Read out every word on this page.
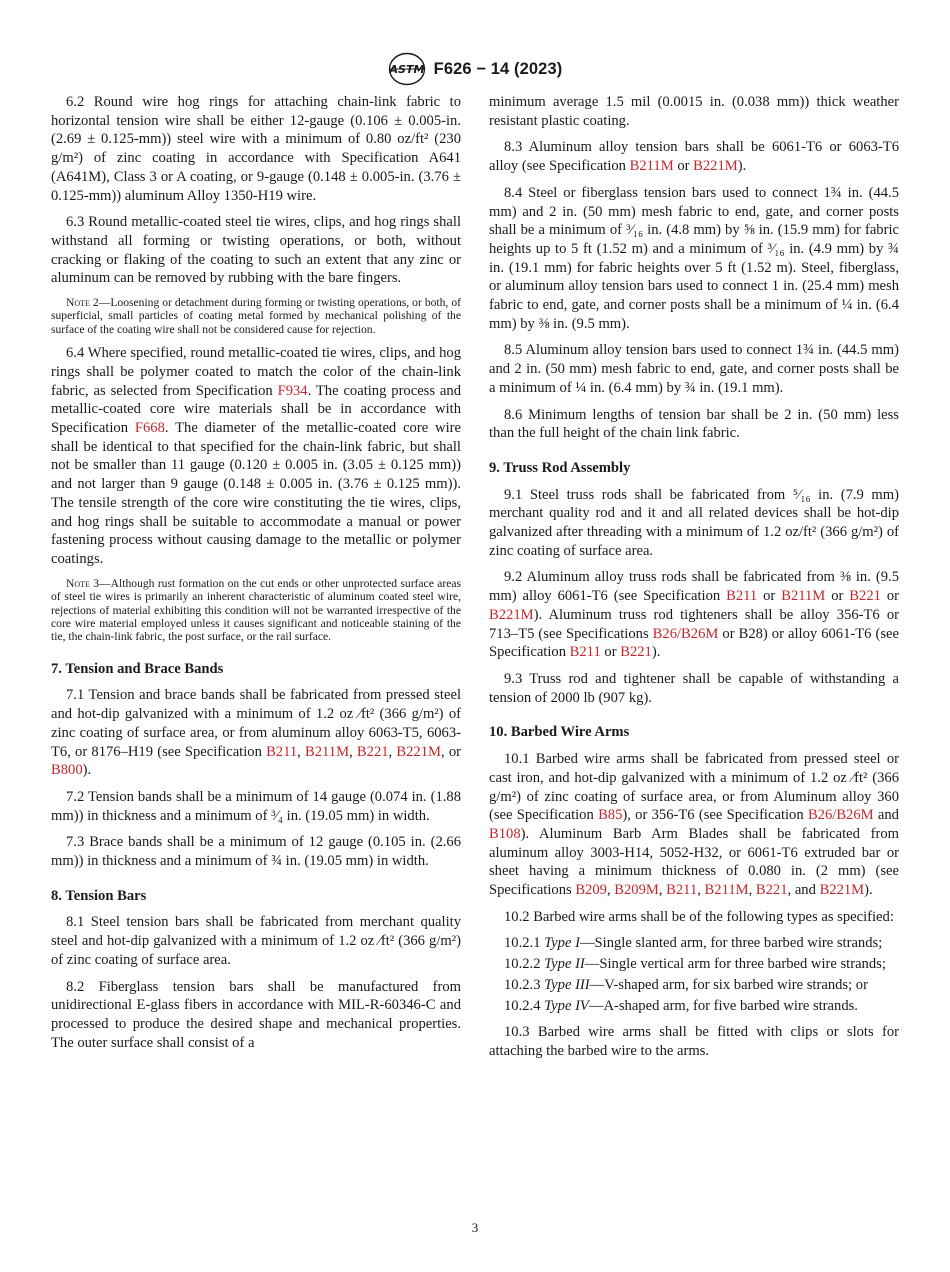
ASTM F626 − 14 (2023)

6.2 Round wire hog rings for attaching chain-link fabric to horizontal tension wire shall be either 12-gauge (0.106 ± 0.005-in. (2.69 ± 0.125-mm)) steel wire with a minimum of 0.80 oz/ft² (230 g/m²) of zinc coating in accordance with Specification A641 (A641M), Class 3 or A coating, or 9-gauge (0.148 ± 0.005-in. (3.76 ± 0.125-mm)) aluminum Alloy 1350-H19 wire.

6.3 Round metallic-coated steel tie wires, clips, and hog rings shall withstand all forming or twisting operations, or both, without cracking or flaking of the coating to such an extent that any zinc or aluminum can be removed by rubbing with the bare fingers.

Note 2—Loosening or detachment during forming or twisting operations, or both, of superficial, small particles of coating metal formed by mechanical polishing of the surface of the coating wire shall not be considered cause for rejection.

6.4 Where specified, round metallic-coated tie wires, clips, and hog rings shall be polymer coated to match the color of the chain-link fabric, as selected from Specification F934. The coating process and metallic-coated core wire materials shall be in accordance with Specification F668. The diameter of the metallic-coated core wire shall be identical to that specified for the chain-link fabric, but shall not be smaller than 11 gauge (0.120 ± 0.005 in. (3.05 ± 0.125 mm)) and not larger than 9 gauge (0.148 ± 0.005 in. (3.76 ± 0.125 mm)). The tensile strength of the core wire constituting the tie wires, clips, and hog rings shall be suitable to accommodate a manual or power fastening process without causing damage to the metallic or polymer coatings.

Note 3—Although rust formation on the cut ends or other unprotected surface areas of steel tie wires is primarily an inherent characteristic of aluminum coated steel wire, rejections of material exhibiting this condition will not be warranted irrespective of the core wire material employed unless it causes significant and noticeable staining of the tie, the chain-link fabric, the post surface, or the rail surface.

7. Tension and Brace Bands

7.1 Tension and brace bands shall be fabricated from pressed steel and hot-dip galvanized with a minimum of 1.2 oz ⁄ft² (366 g/m²) of zinc coating of surface area, or from aluminum alloy 6063-T5, 6063-T6, or 8176–H19 (see Specification B211, B211M, B221, B221M, or B800).

7.2 Tension bands shall be a minimum of 14 gauge (0.074 in. (1.88 mm)) in thickness and a minimum of ³⁄₄ in. (19.05 mm) in width.

7.3 Brace bands shall be a minimum of 12 gauge (0.105 in. (2.66 mm)) in thickness and a minimum of ¾ in. (19.05 mm) in width.

8. Tension Bars

8.1 Steel tension bars shall be fabricated from merchant quality steel and hot-dip galvanized with a minimum of 1.2 oz ⁄ft² (366 g/m²) of zinc coating of surface area.

8.2 Fiberglass tension bars shall be manufactured from unidirectional E-glass fibers in accordance with MIL-R-60346-C and processed to produce the desired shape and mechanical properties. The outer surface shall consist of a

minimum average 1.5 mil (0.0015 in. (0.038 mm)) thick weather resistant plastic coating.

8.3 Aluminum alloy tension bars shall be 6061-T6 or 6063-T6 alloy (see Specification B211M or B221M).

8.4 Steel or fiberglass tension bars used to connect 1¾ in. (44.5 mm) and 2 in. (50 mm) mesh fabric to end, gate, and corner posts shall be a minimum of ³⁄₁₆ in. (4.8 mm) by ⅝ in. (15.9 mm) for fabric heights up to 5 ft (1.52 m) and a minimum of ³⁄₁₆ in. (4.9 mm) by ¾ in. (19.1 mm) for fabric heights over 5 ft (1.52 m). Steel, fiberglass, or aluminum alloy tension bars used to connect 1 in. (25.4 mm) mesh fabric to end, gate, and corner posts shall be a minimum of ¼ in. (6.4 mm) by ⅜ in. (9.5 mm).

8.5 Aluminum alloy tension bars used to connect 1¾ in. (44.5 mm) and 2 in. (50 mm) mesh fabric to end, gate, and corner posts shall be a minimum of ¼ in. (6.4 mm) by ¾ in. (19.1 mm).

8.6 Minimum lengths of tension bar shall be 2 in. (50 mm) less than the full height of the chain link fabric.

9. Truss Rod Assembly

9.1 Steel truss rods shall be fabricated from ⁵⁄₁₆ in. (7.9 mm) merchant quality rod and it and all related devices shall be hot-dip galvanized after threading with a minimum of 1.2 oz/ft² (366 g/m²) of zinc coating of surface area.

9.2 Aluminum alloy truss rods shall be fabricated from ⅜ in. (9.5 mm) alloy 6061-T6 (see Specification B211 or B211M or B221 or B221M). Aluminum truss rod tighteners shall be alloy 356-T6 or 713–T5 (see Specifications B26/B26M or B28) or alloy 6061-T6 (see Specification B211 or B221).

9.3 Truss rod and tightener shall be capable of withstanding a tension of 2000 lb (907 kg).

10. Barbed Wire Arms

10.1 Barbed wire arms shall be fabricated from pressed steel or cast iron, and hot-dip galvanized with a minimum of 1.2 oz ⁄ft² (366 g/m²) of zinc coating of surface area, or from Aluminum alloy 360 (see Specification B85), or 356-T6 (see Specification B26/B26M and B108). Aluminum Barb Arm Blades shall be fabricated from aluminum alloy 3003-H14, 5052-H32, or 6061-T6 extruded bar or sheet having a minimum thickness of 0.080 in. (2 mm) (see Specifications B209, B209M, B211, B211M, B221, and B221M).

10.2 Barbed wire arms shall be of the following types as specified:

10.2.1 Type I—Single slanted arm, for three barbed wire strands;

10.2.2 Type II—Single vertical arm for three barbed wire strands;

10.2.3 Type III—V-shaped arm, for six barbed wire strands; or

10.2.4 Type IV—A-shaped arm, for five barbed wire strands.

10.3 Barbed wire arms shall be fitted with clips or slots for attaching the barbed wire to the arms.

3
